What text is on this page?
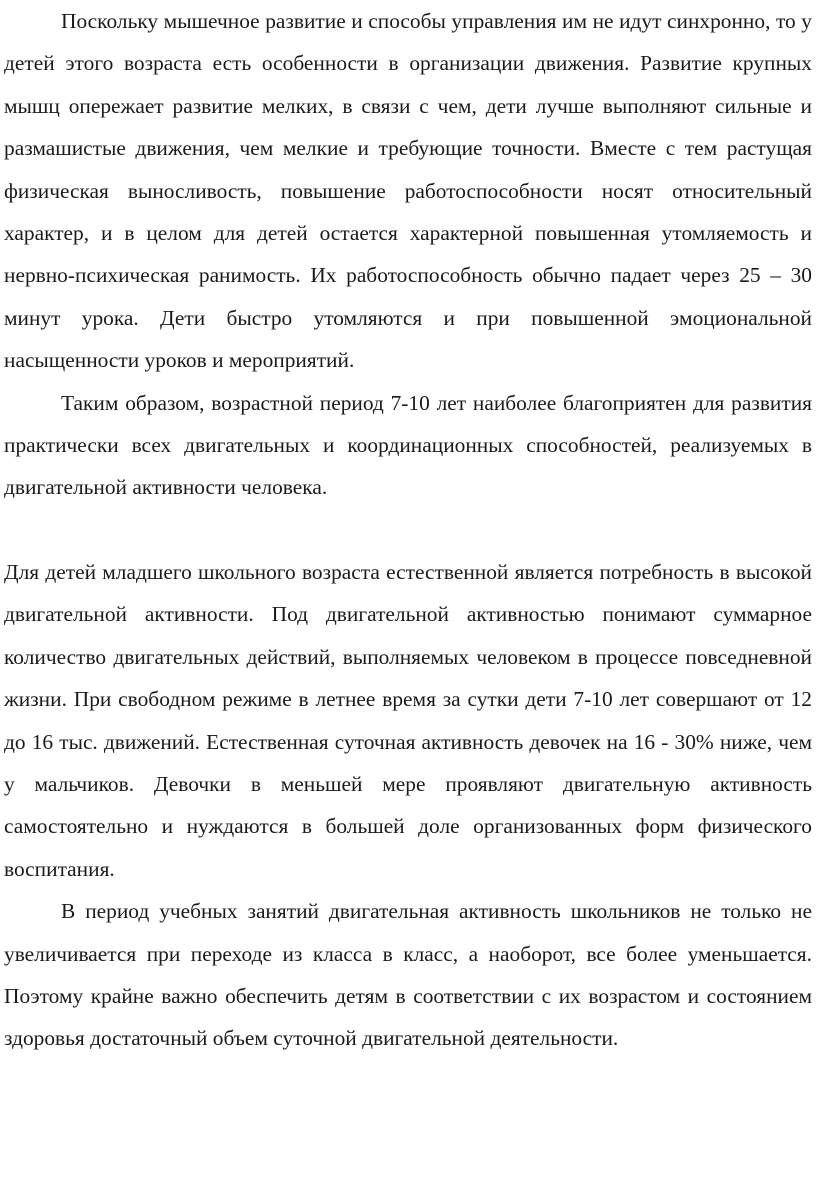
Поскольку мышечное развитие и способы управления им не идут синхронно, то у детей этого возраста есть особенности в организации движения. Развитие крупных мышц опережает развитие мелких, в связи с чем, дети лучше выполняют сильные и размашистые движения, чем мелкие и требующие точности. Вместе с тем растущая физическая выносливость, повышение работоспособности носят относительный характер, и в целом для детей остается характерной повышенная утомляемость и нервно-психическая ранимость. Их работоспособность обычно падает через 25 – 30 минут урока. Дети быстро утомляются и при повышенной эмоциональной насыщенности уроков и мероприятий.

Таким образом, возрастной период 7-10 лет наиболее благоприятен для развития практически всех двигательных и координационных способностей, реализуемых в двигательной активности человека.

Для детей младшего школьного возраста естественной является потребность в высокой двигательной активности. Под двигательной активностью понимают суммарное количество двигательных действий, выполняемых человеком в процессе повседневной жизни. При свободном режиме в летнее время за сутки дети 7-10 лет совершают от 12 до 16 тыс. движений. Естественная суточная активность девочек на 16 - 30% ниже, чем у мальчиков. Девочки в меньшей мере проявляют двигательную активность самостоятельно и нуждаются в большей доле организованных форм физического воспитания.

В период учебных занятий двигательная активность школьников не только не увеличивается при переходе из класса в класс, а наоборот, все более уменьшается. Поэтому крайне важно обеспечить детям в соответствии с их возрастом и состоянием здоровья достаточный объем суточной двигательной деятельности.
